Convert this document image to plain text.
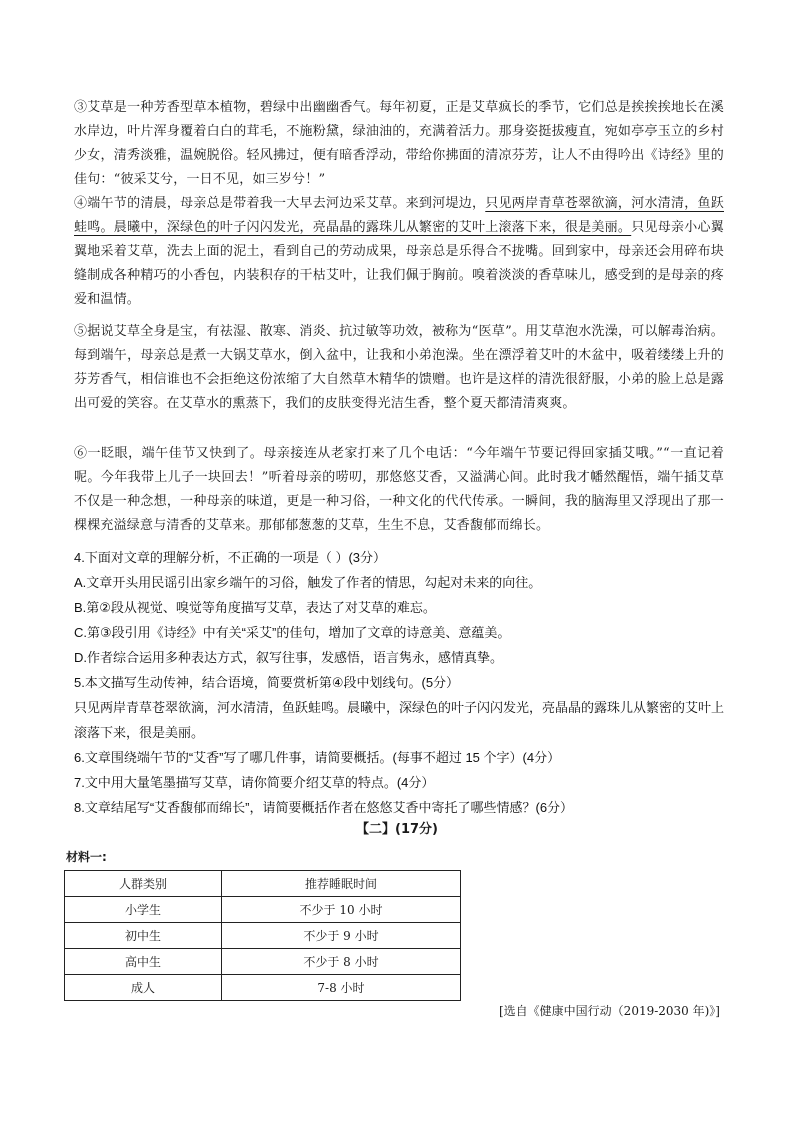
③艾草是一种芳香型草本植物，碧绿中出幽幽香气。每年初夏，正是艾草疯长的季节，它们总是挨挨挨地长在溪水岸边，叶片浑身覆着白白的茸毛，不施粉黛，绿油油的，充满着活力。那身姿挺拔瘦直，宛如亭亭玉立的乡村少女，清秀淡雅，温婉脱俗。轻风拂过，便有暗香浮动，带给你拂面的清凉芬芳，让人不由得吟出《诗经》里的佳句：“彼采艾兮，一日不见，如三岁兮！”
④端午节的清晨，母亲总是带着我一大早去河边采艾草。来到河堤边，只见两岸青草苍翠欲滴，河水清清，鱼跃蛙鸣。晨曦中，深绿色的叶子闪闪发光，亮晶晶的露珠儿从繁密的艾叶上滚落下来，很是美丽。只见母亲小心翼翼地采着艾草，洗去上面的泥土，看到自己的劳动成果，母亲总是乐得合不拢嘴。回到家中，母亲还会用碎布块缝制成各种精巧的小香包，内装积存的干枯艾叶，让我们佩于胸前。嗅着淡淡的香草味儿，感受到的是母亲的疼爱和温情。
⑤据说艾草全身是宝，有祛湿、散寒、消炎、抗过敏等功效，被称为“医草”。用艾草泡水洗澡，可以解毒治病。每到端午，母亲总是煮一大锅艾草水，倒入盆中，让我和小弟泡澡。坐在漂浮着艾叶的木盆中，吸着缕缕上升的芬芳香气，相信谁也不会拒绝这份浓缩了大自然草木精华的馈赠。也许是这样的清洗很舒服，小弟的脸上总是露出可爱的笑容。在艾草水的熏蒸下，我们的皮肤变得光洁生香，整个夏天都清清爽爽。
⑥一眨眼，端午佳节又快到了。母亲接连从老家打来了几个电话：“今年端午节要记得回家插艾哦。”“一直记着呢。今年我带上儿子一块回去！”听着母亲的唠叨，那悠悠艾香，又溢满心间。此时我才幡然醒悟，端午插艾草不仅是一种念想，一种母亲的味道，更是一种习俗，一种文化的代代传承。一瞬间，我的脑海里又浮现出了那一棵棵充溢绿意与清香的艾草来。那郁郁葱葱的艾草，生生不息，艾香馥郁而绵长。
4.下面对文章的理解分析，不正确的一项是（ ）(3分）
A.文章开头用民谣引出家乡端午的习俗，触发了作者的情思，勾起对未来的向往。
B.第②段从视觉、嗅觉等角度描写艾草，表达了对艾草的难忘。
C.第③段引用《诗经》中有关“采艾”的佳句，增加了文章的诗意美、意蕴美。
D.作者综合运用多种表达方式，叙写往事，发感悟，语言隽永，感情真挚。
5.本文描写生动传神，结合语境，简要赏析第④段中划线句。(5分）
只见两岸青草苍翠欲滴，河水清清，鱼跃蛙鸣。晨曦中，深绿色的叶子闪闪发光，亮晶晶的露珠儿从繁密的艾叶上滚落下来，很是美丽。
6.文章围绕端午节的“艾香”写了哪几件事，请简要概括。(每事不超过 15 个字）(4分）
7.文中用大量笔墨描写艾草，请你简要介绍艾草的特点。(4分）
8.文章结尾写“艾香馥郁而绵长”，请简要概括作者在悠悠艾香中寄托了哪些情感？(6分）
【二】(17分)
材料一:
人群类别	推荐睡眠时间
小学生	不少于 10 小时
初中生	不少于 9 小时
高中生	不少于 8 小时
成人	7-8 小时
[选自《健康中国行动（2019-2030 年)》]
